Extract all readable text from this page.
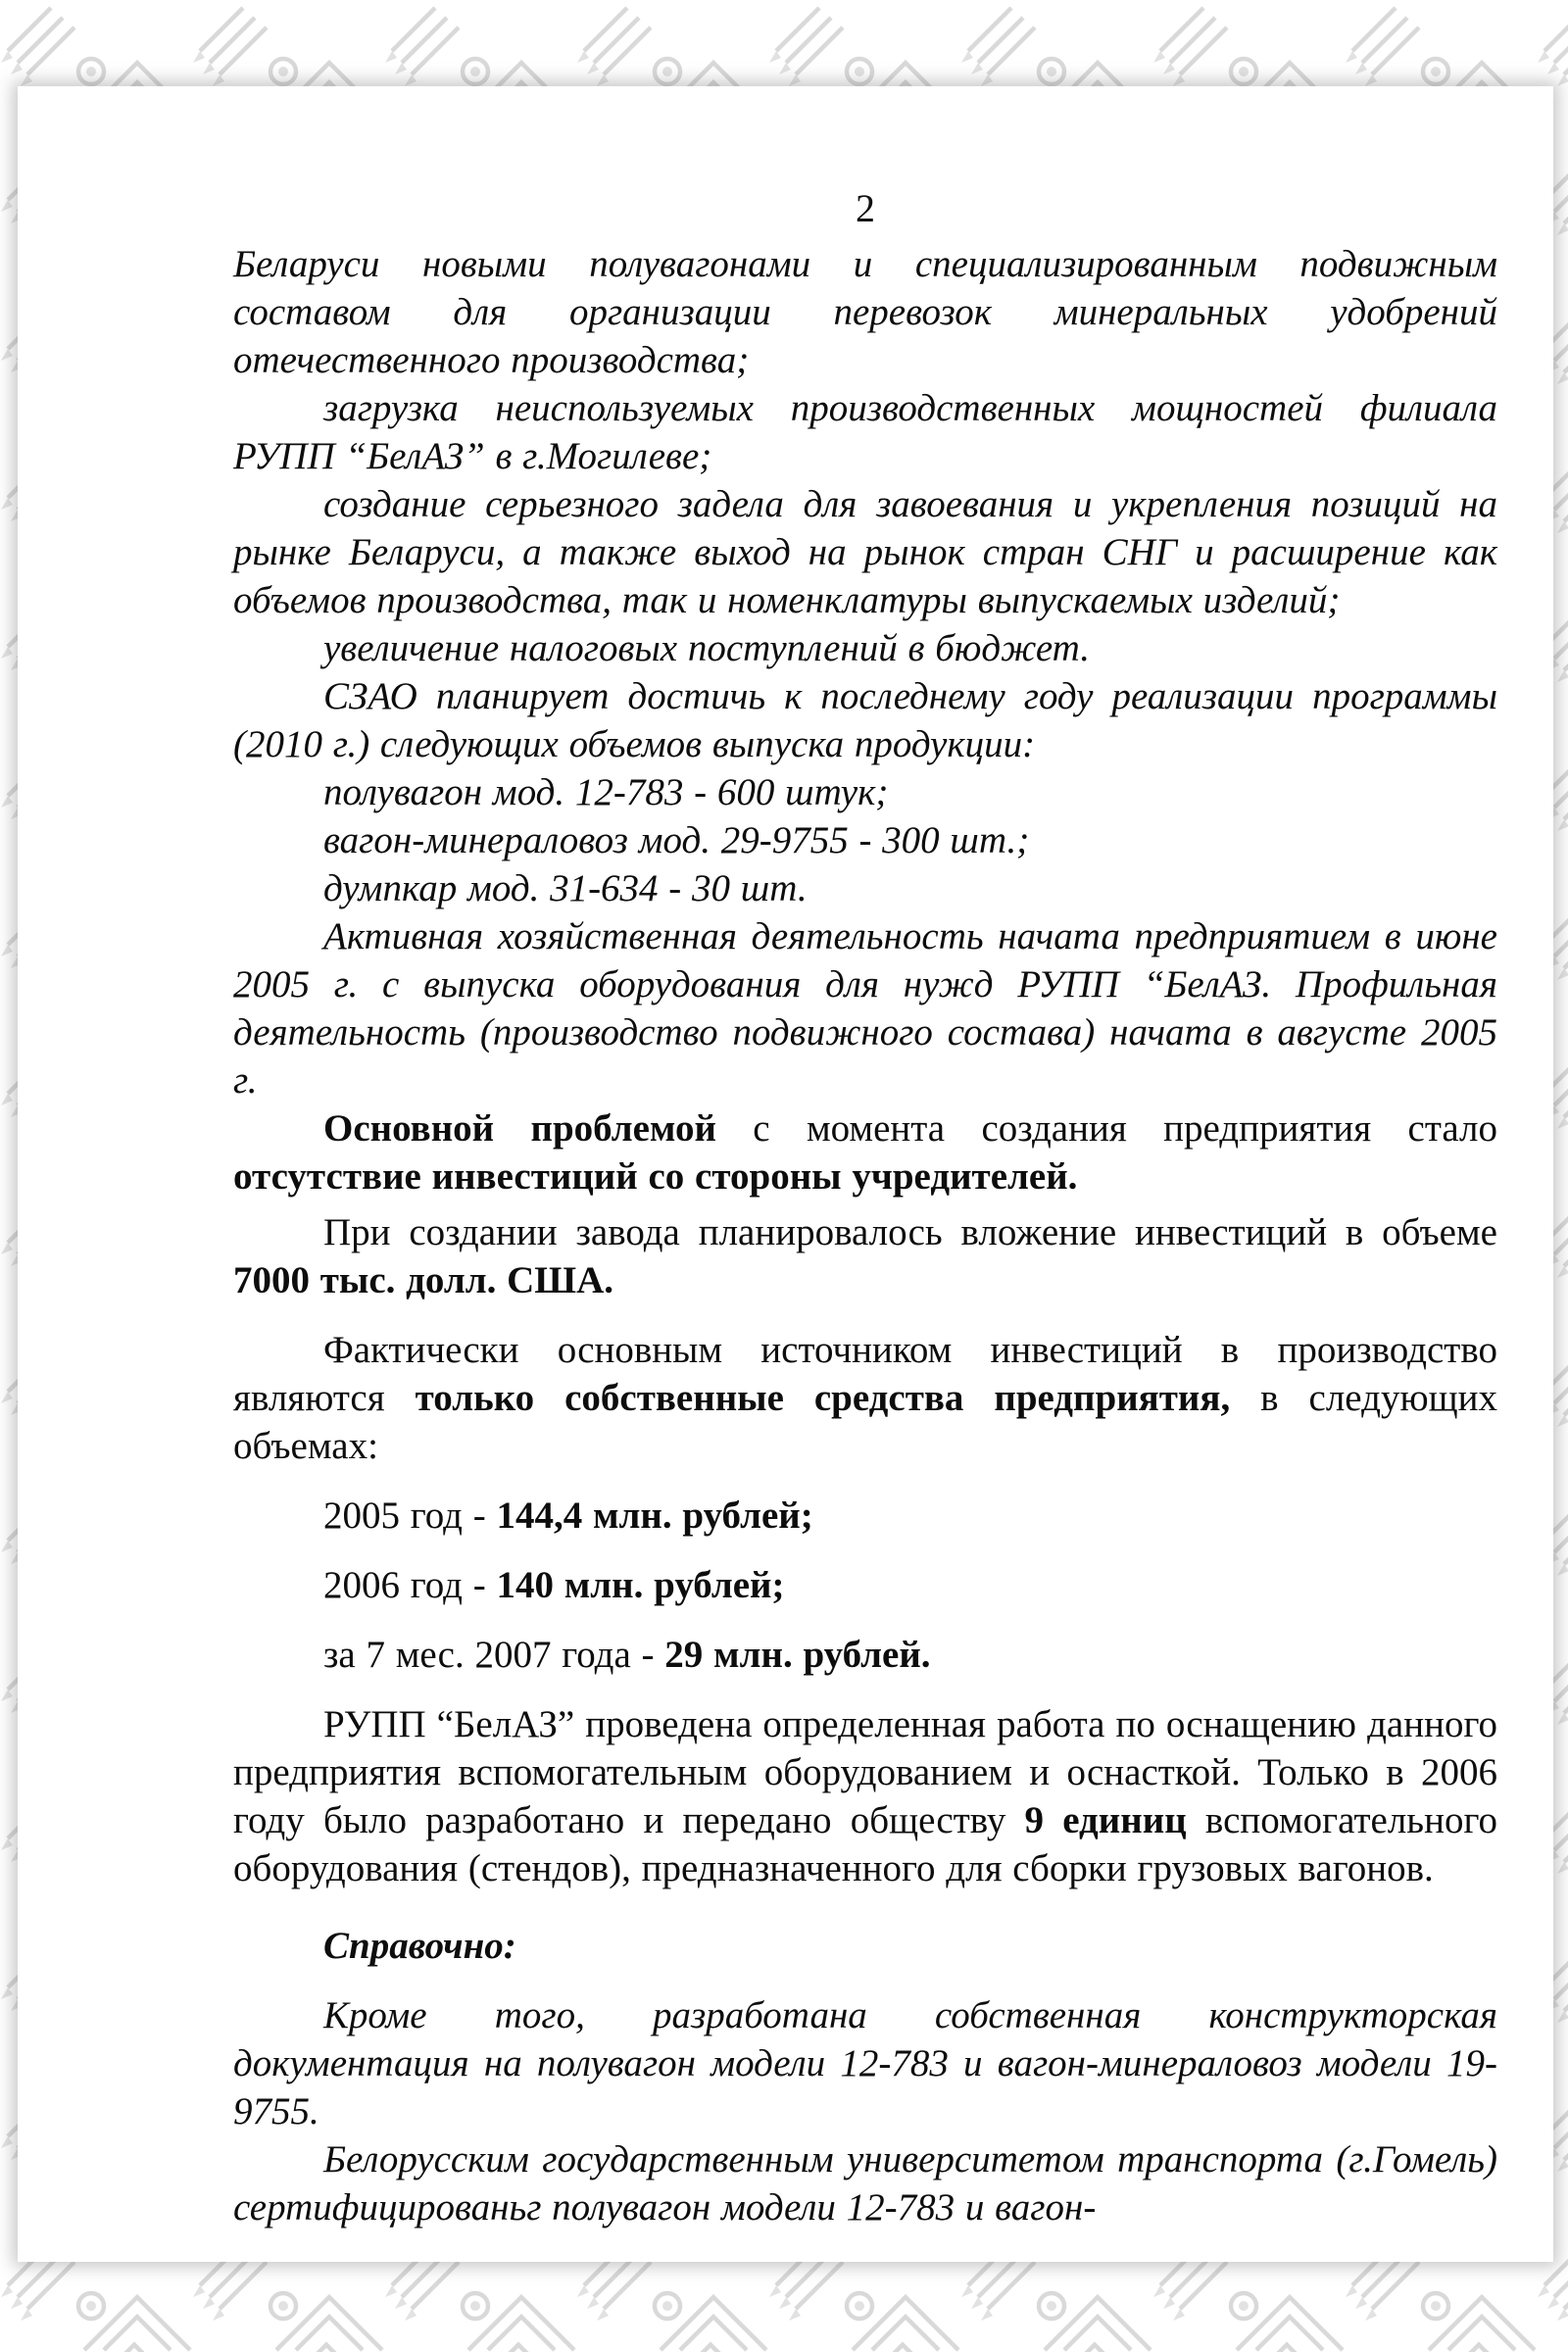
2

Беларуси новыми полувагонами и специализированным подвижным составом для организации перевозок минеральных удобрений отечественного производства;

загрузка неиспользуемых производственных мощностей филиала РУПП “БелАЗ” в г.Могилеве;

создание серьезного задела для завоевания и укрепления позиций на рынке Беларуси, а также выход на рынок стран СНГ и расширение как объемов производства, так и номенклатуры выпускаемых изделий;

увеличение налоговых поступлений в бюджет.

СЗАО планирует достичь к последнему году реализации программы (2010 г.) следующих объемов выпуска продукции:

полувагон мод. 12-783 - 600 штук;

вагон-минераловоз мод. 29-9755 - 300 шт.;

думпкар мод. 31-634 - 30 шт.

Активная хозяйственная деятельность начата предприятием в июне 2005 г. с выпуска оборудования для нужд РУПП “БелАЗ. Профильная деятельность (производство подвижного состава) начата в августе 2005 г.

Основной проблемой с момента создания предприятия стало отсутствие инвестиций со стороны учредителей.

При создании завода планировалось вложение инвестиций в объеме 7000 тыс. долл. США.

Фактически основным источником инвестиций в производство являются только собственные средства предприятия, в следующих объемах:

2005 год - 144,4 млн. рублей;

2006 год - 140 млн. рублей;

за 7 мес. 2007 года - 29 млн. рублей.

РУПП “БелАЗ” проведена определенная работа по оснащению данного предприятия вспомогательным оборудованием и оснасткой. Только в 2006 году было разработано и передано обществу 9 единиц вспомогательного оборудования (стендов), предназначенного для сборки грузовых вагонов.

Справочно:

Кроме того, разработана собственная конструкторская документация на полувагон модели 12-783 и вагон-минераловоз модели 19-9755.

Белорусским государственным университетом транспорта (г.Гомель) сертифицированьг полувагон модели 12-783 и вагон-
